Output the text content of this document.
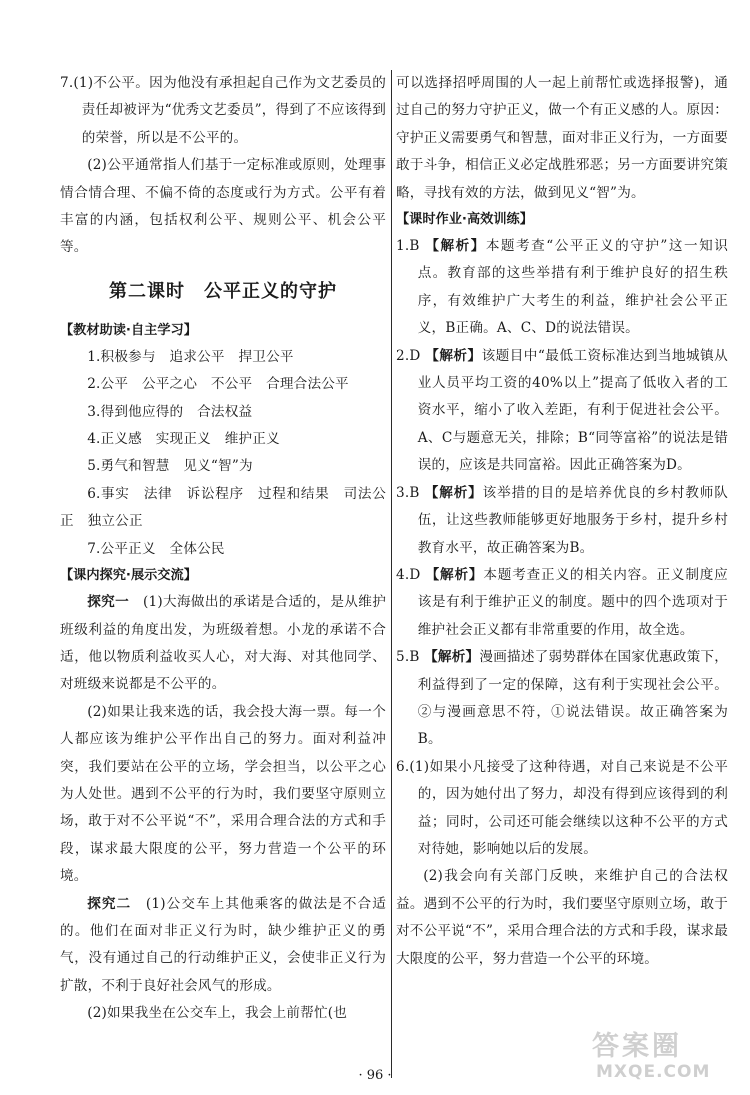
7.(1)不公平。因为他没有承担起自己作为文艺委员的责任却被评为“优秀文艺委员”，得到了不应该得到的荣誉，所以是不公平的。

(2)公平通常指人们基于一定标准或原则，处理事情合情合理、不偏不倚的态度或行为方式。公平有着丰富的内涵，包括权利公平、规则公平、机会公平等。

第二课时　公平正义的守护

【教材助读·自主学习】

1.积极参与　追求公平　捍卫公平

2.公平　公平之心　不公平　合理合法公平

3.得到他应得的　合法权益

4.正义感　实现正义　维护正义

5.勇气和智慧　见义“智”为

6.事实　法律　诉讼程序　过程和结果　司法公正　独立公正

7.公平正义　全体公民

【课内探究·展示交流】

探究一　 (1)大海做出的承诺是合适的，是从维护班级利益的角度出发，为班级着想。小龙的承诺不合适，他以物质利益收买人心，对大海、对其他同学、对班级来说都是不公平的。

(2)如果让我来选的话，我会投大海一票。每一个人都应该为维护公平作出自己的努力。面对利益冲突，我们要站在公平的立场，学会担当，以公平之心为人处世。遇到不公平的行为时，我们要坚守原则立场，敢于对不公平说“不”，采用合理合法的方式和手段，谋求最大限度的公平，努力营造一个公平的环境。

探究二　 (1)公交车上其他乘客的做法是不合适的。他们在面对非正义行为时，缺少维护正义的勇气，没有通过自己的行动维护正义，会使非正义行为扩散，不利于良好社会风气的形成。

(2)如果我坐在公交车上，我会上前帮忙(也

可以选择招呼周围的人一起上前帮忙或选择报警)，通过自己的努力守护正义，做一个有正义感的人。原因：守护正义需要勇气和智慧，面对非正义行为，一方面要敢于斗争，相信正义必定战胜邪恶；另一方面要讲究策略，寻找有效的方法，做到见义“智”为。

【课时作业·高效训练】

1.B 【解析】本题考查“公平正义的守护”这一知识点。教育部的这些举措有利于维护良好的招生秩序，有效维护广大考生的利益，维护社会公平正义，B正确。A、C、D的说法错误。

2.D 【解析】该题目中“最低工资标准达到当地城镇从业人员平均工资的40%以上”提高了低收入者的工资水平，缩小了收入差距，有利于促进社会公平。A、C与题意无关，排除；B“同等富裕”的说法是错误的，应该是共同富裕。因此正确答案为D。

3.B 【解析】该举措的目的是培养优良的乡村教师队伍，让这些教师能够更好地服务于乡村，提升乡村教育水平，故正确答案为B。

4.D 【解析】本题考查正义的相关内容。正义制度应该是有利于维护正义的制度。题中的四个选项对于维护社会正义都有非常重要的作用，故全选。

5.B 【解析】漫画描述了弱势群体在国家优惠政策下，利益得到了一定的保障，这有利于实现社会公平。②与漫画意思不符，①说法错误。故正确答案为B。

6.(1)如果小凡接受了这种待遇，对自己来说是不公平的，因为她付出了努力，却没有得到应该得到的利益；同时，公司还可能会继续以这种不公平的方式对待她，影响她以后的发展。

(2)我会向有关部门反映，来维护自己的合法权益。遇到不公平的行为时，我们要坚守原则立场，敢于对不公平说“不”，采用合理合法的方式和手段，谋求最大限度的公平，努力营造一个公平的环境。

· 96 ·
答案圈
MXQE.COM
